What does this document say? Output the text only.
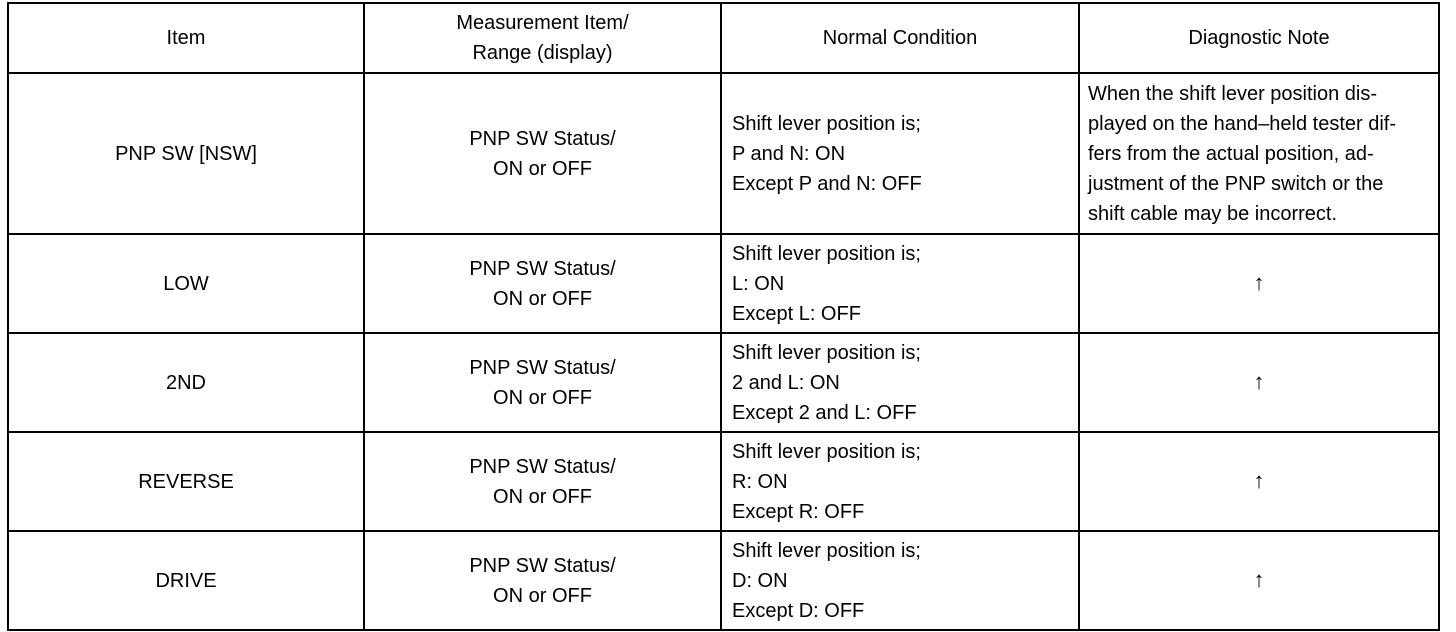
Item	Measurement Item/
Range (display)	Normal Condition	Diagnostic Note
PNP SW [NSW]	PNP SW Status/
ON or OFF	Shift lever position is;
P and N: ON
Except P and N: OFF	When the shift lever position dis-
played on the hand–held tester dif-
fers from the actual position, ad-
justment of the PNP switch or the
shift cable may be incorrect.

LOW	PNP SW Status/
ON or OFF	Shift lever position is;
L: ON
Except L: OFF	↑
2ND	PNP SW Status/
ON or OFF	Shift lever position is;
2 and L: ON
Except 2 and L: OFF	↑
REVERSE	PNP SW Status/
ON or OFF	Shift lever position is;
R: ON
Except R: OFF	↑
DRIVE	PNP SW Status/
ON or OFF	Shift lever position is;
D: ON
Except D: OFF	↑
